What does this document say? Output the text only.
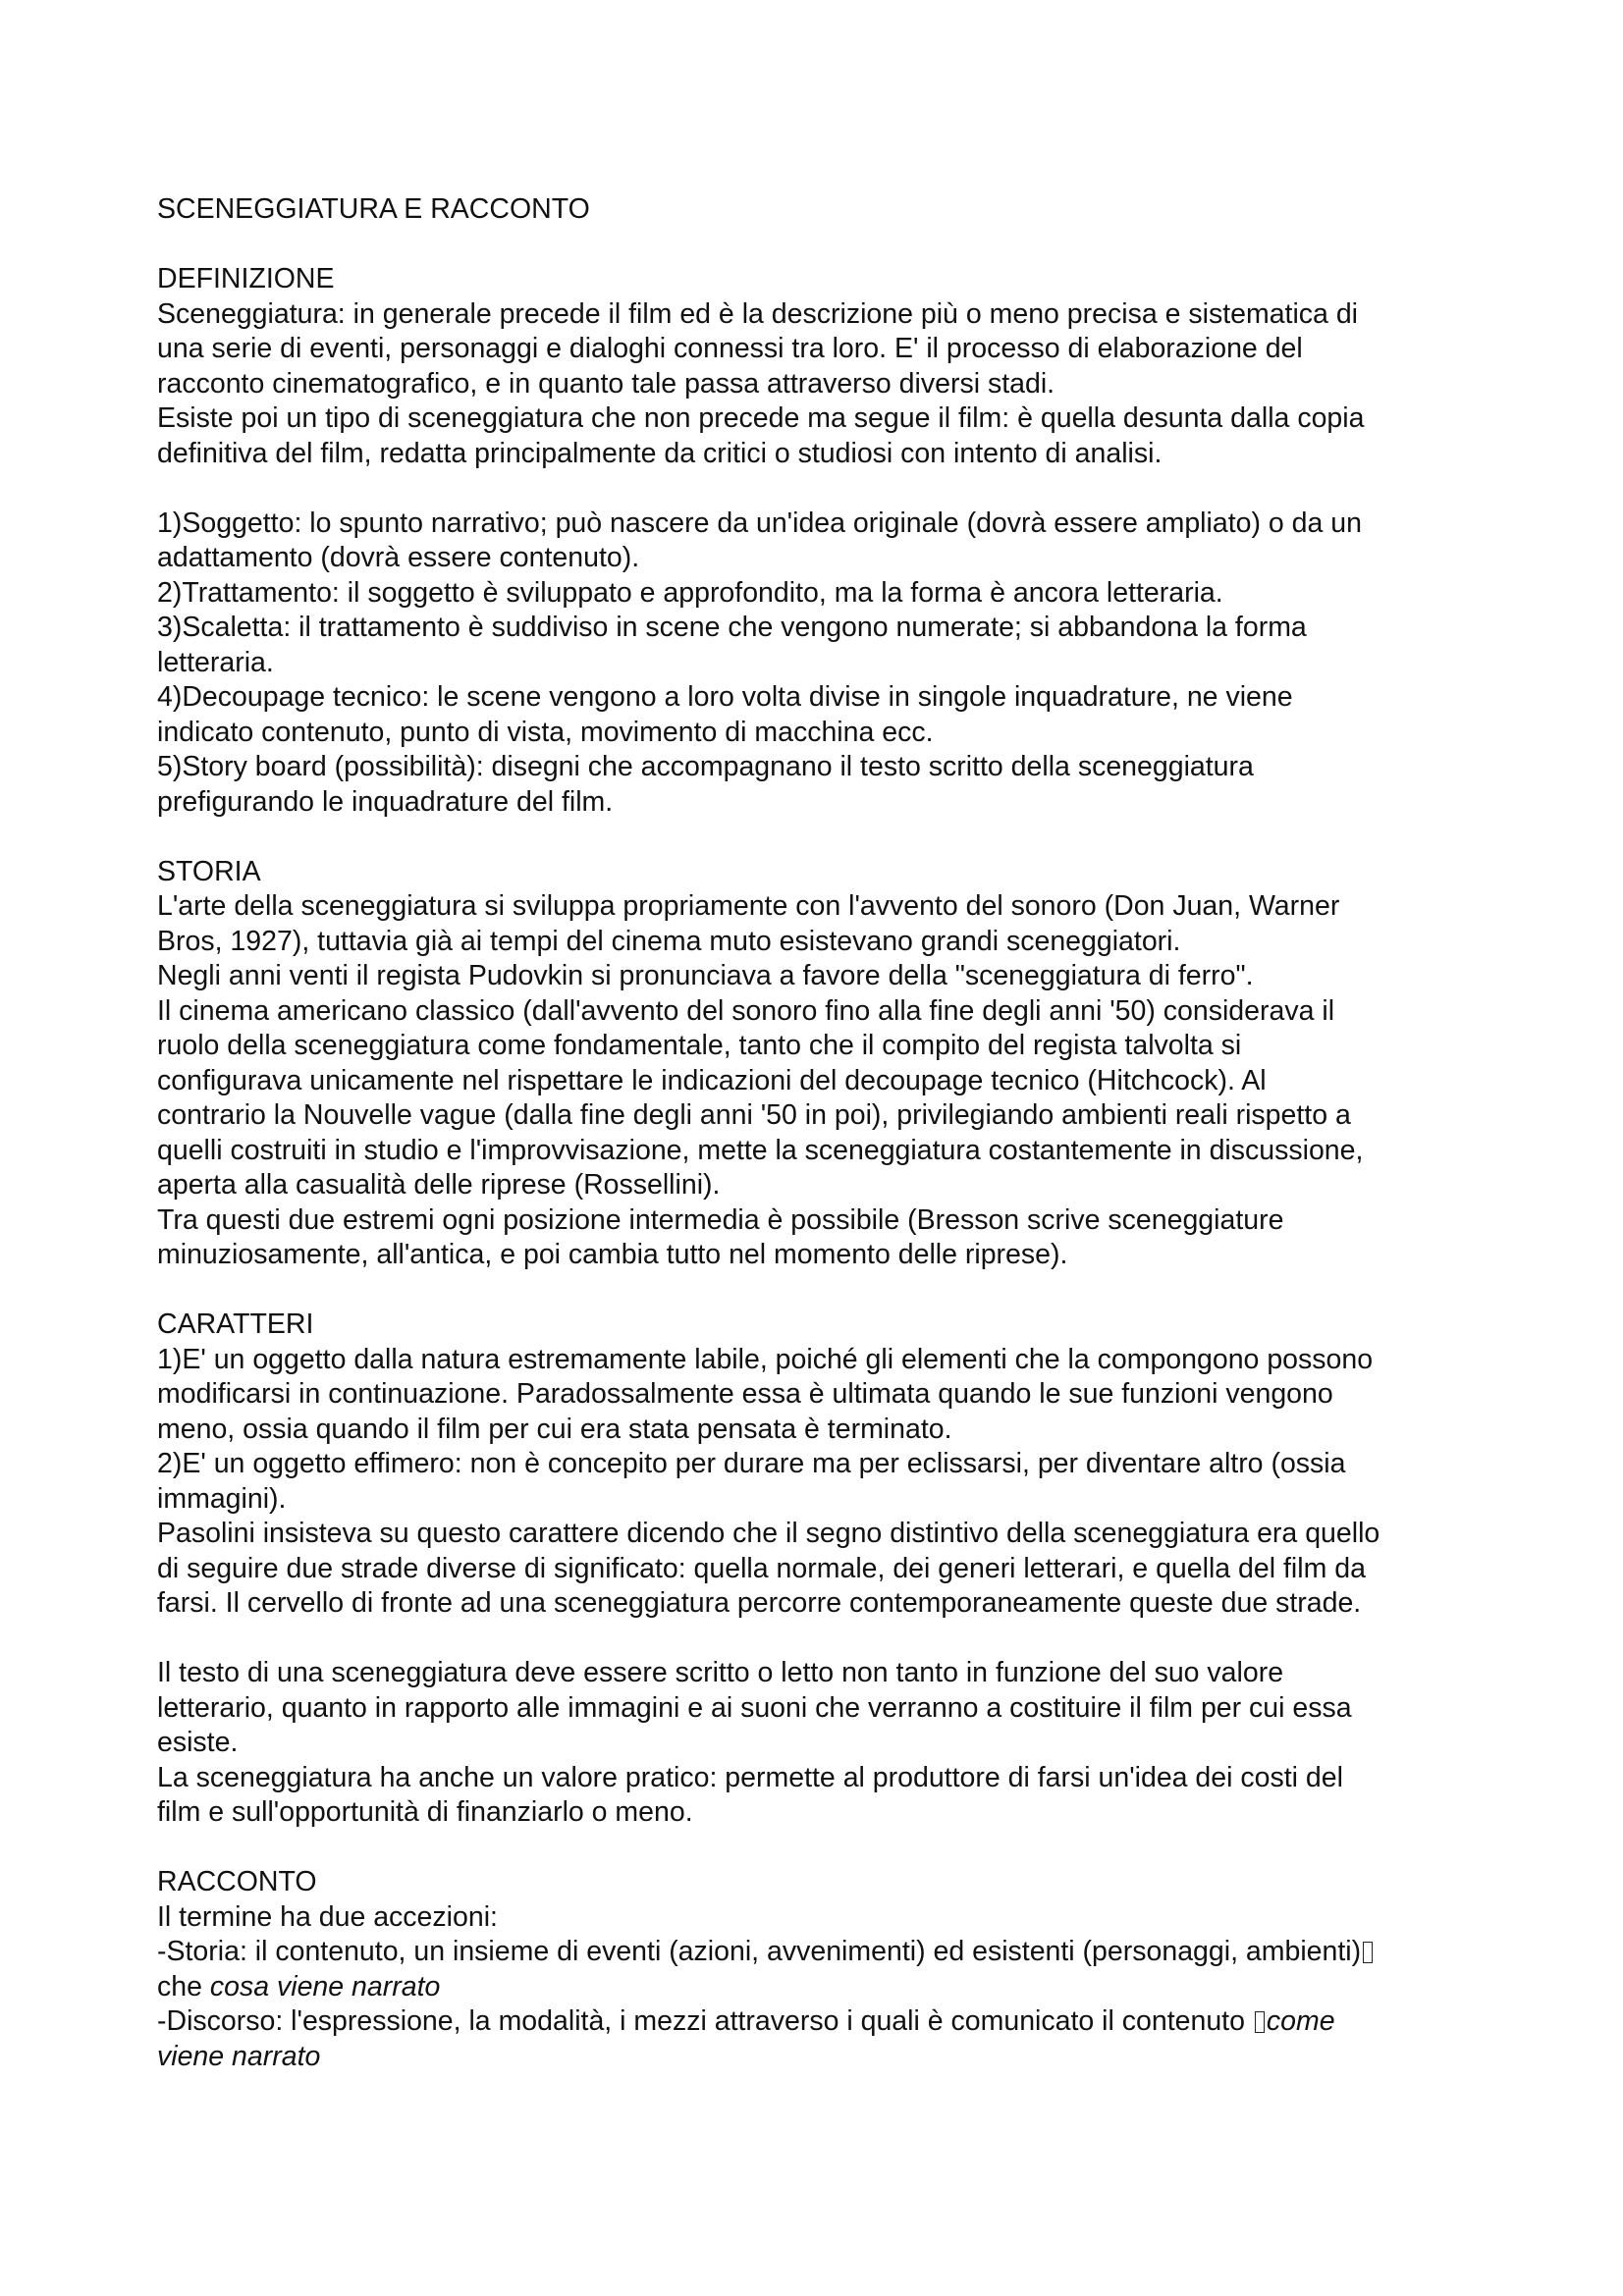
SCENEGGIATURA E RACCONTO
DEFINIZIONE
Sceneggiatura: in generale precede il film ed è la descrizione più o meno precisa e sistematica di
una serie di eventi, personaggi e dialoghi connessi tra loro. E' il processo di elaborazione del
racconto cinematografico, e in quanto tale passa attraverso diversi stadi.
Esiste poi un tipo di sceneggiatura che non precede ma segue il film: è quella desunta dalla copia
definitiva del film, redatta principalmente da critici o studiosi con intento di analisi.
1)Soggetto: lo spunto narrativo; può nascere da un'idea originale (dovrà essere ampliato) o da un
adattamento (dovrà essere contenuto).
2)Trattamento: il soggetto è sviluppato e approfondito, ma la forma è ancora letteraria.
3)Scaletta: il trattamento è suddiviso in scene che vengono numerate; si abbandona la forma
letteraria.
4)Decoupage tecnico: le scene vengono a loro volta divise in singole inquadrature, ne viene
indicato contenuto, punto di vista, movimento di macchina ecc.
5)Story board (possibilità): disegni che accompagnano il testo scritto della sceneggiatura
prefigurando le inquadrature del film.
STORIA
L'arte della sceneggiatura si sviluppa propriamente con l'avvento del sonoro (Don Juan, Warner
Bros, 1927), tuttavia già ai tempi del cinema muto esistevano grandi sceneggiatori.
Negli anni venti il regista Pudovkin si pronunciava a favore della "sceneggiatura di ferro".
Il cinema americano classico (dall'avvento del sonoro fino alla fine degli anni '50) considerava il
ruolo della sceneggiatura come fondamentale, tanto che il compito del regista talvolta si
configurava unicamente nel rispettare le indicazioni del decoupage tecnico (Hitchcock). Al
contrario la Nouvelle vague (dalla fine degli anni '50 in poi), privilegiando ambienti reali rispetto a
quelli costruiti in studio e l'improvvisazione, mette la sceneggiatura costantemente in discussione,
aperta alla casualità delle riprese (Rossellini).
Tra questi due estremi ogni posizione intermedia è possibile (Bresson scrive sceneggiature
minuziosamente, all'antica, e poi cambia tutto nel momento delle riprese).
CARATTERI
1)E' un oggetto dalla natura estremamente labile, poiché gli elementi che la compongono possono
modificarsi in continuazione. Paradossalmente essa è ultimata quando le sue funzioni vengono
meno, ossia quando il film per cui era stata pensata è terminato.
2)E' un oggetto effimero: non è concepito per durare ma per eclissarsi, per diventare altro (ossia
immagini).
Pasolini insisteva su questo carattere dicendo che il segno distintivo della sceneggiatura era quello
di seguire due strade diverse di significato: quella normale, dei generi letterari, e quella del film da
farsi. Il cervello di fronte ad una sceneggiatura percorre contemporaneamente queste due strade.
Il testo di una sceneggiatura deve essere scritto o letto non tanto in funzione del suo valore
letterario, quanto in rapporto alle immagini e ai suoni che verranno a costituire il film per cui essa
esiste.
La sceneggiatura ha anche un valore pratico: permette al produttore di farsi un'idea dei costi del
film e sull'opportunità di finanziarlo o meno.
RACCONTO
Il termine ha due accezioni:
-Storia: il contenuto, un insieme di eventi (azioni, avvenimenti) ed esistenti (personaggi, ambienti)
che cosa viene narrato
-Discorso: l'espressione, la modalità, i mezzi attraverso i quali è comunicato il contenuto come
viene narrato
